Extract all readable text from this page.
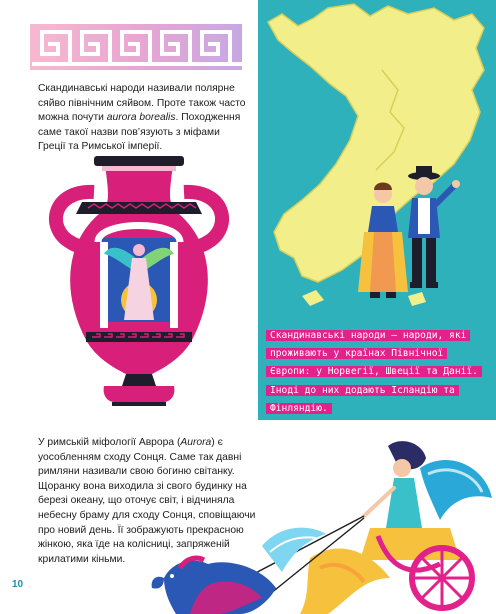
Скандинавські народи називали полярне сяйво північним сяйвом. Проте також часто можна почути aurora borealis. Походження саме такої назви пов’язують з міфами Греції та Римської імперії.
Скандинавські народи — народи, які проживають у країнах Північної Європи: у Норвегії, Швеції та Данії. Іноді до них додають Ісландію та Фінляндію.
У римській міфології Аврора (Aurora) є уособленням сходу Сонця. Саме так давні римляни називали свою богиню світанку. Щоранку вона виходила зі свого будинку на березі океану, що оточує світ, і відчиняла небесну браму для сходу Сонця, сповіщаючи про новий день. Її зображують прекрасною жінкою, яка їде на колісниці, запряженій крилатими кіньми.
10
